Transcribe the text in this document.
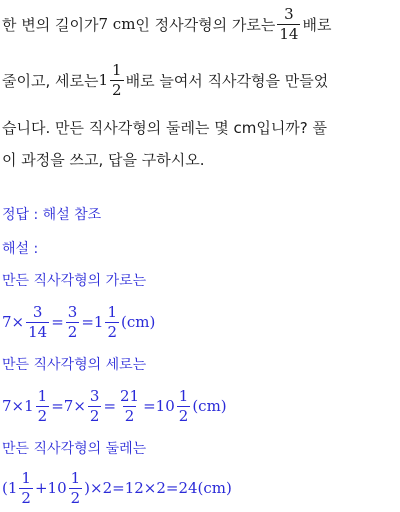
한 변의 길이가 7 cm 인 정사각형의 가로는 $\frac{3}{14}$ 배로
줄이고, 세로는 $1 \frac{1}{2}$ 배로 늘여서 직사각형을 만들었
습니다. 만든 직사각형의 둘레는 몇 cm입니까? 풀
이 과정을 쓰고, 답을 구하시오.
정답 : 해설 참조
해설 :
만든 직사각형의 가로는
$7\times \frac{3}{14} = \frac{3}{2} =1 \frac{1}{2} (cm)$
만든 직사각형의 세로는
$7\times 1 \frac{1}{2} =7\times \frac{3}{2} = \frac{21}{2} =10 \frac{1}{2} (cm)$
만든 직사각형의 둘레는
$(1 \frac{1}{2} +10 \frac{1}{2} )\times 2=12\times 2=24(cm)$
